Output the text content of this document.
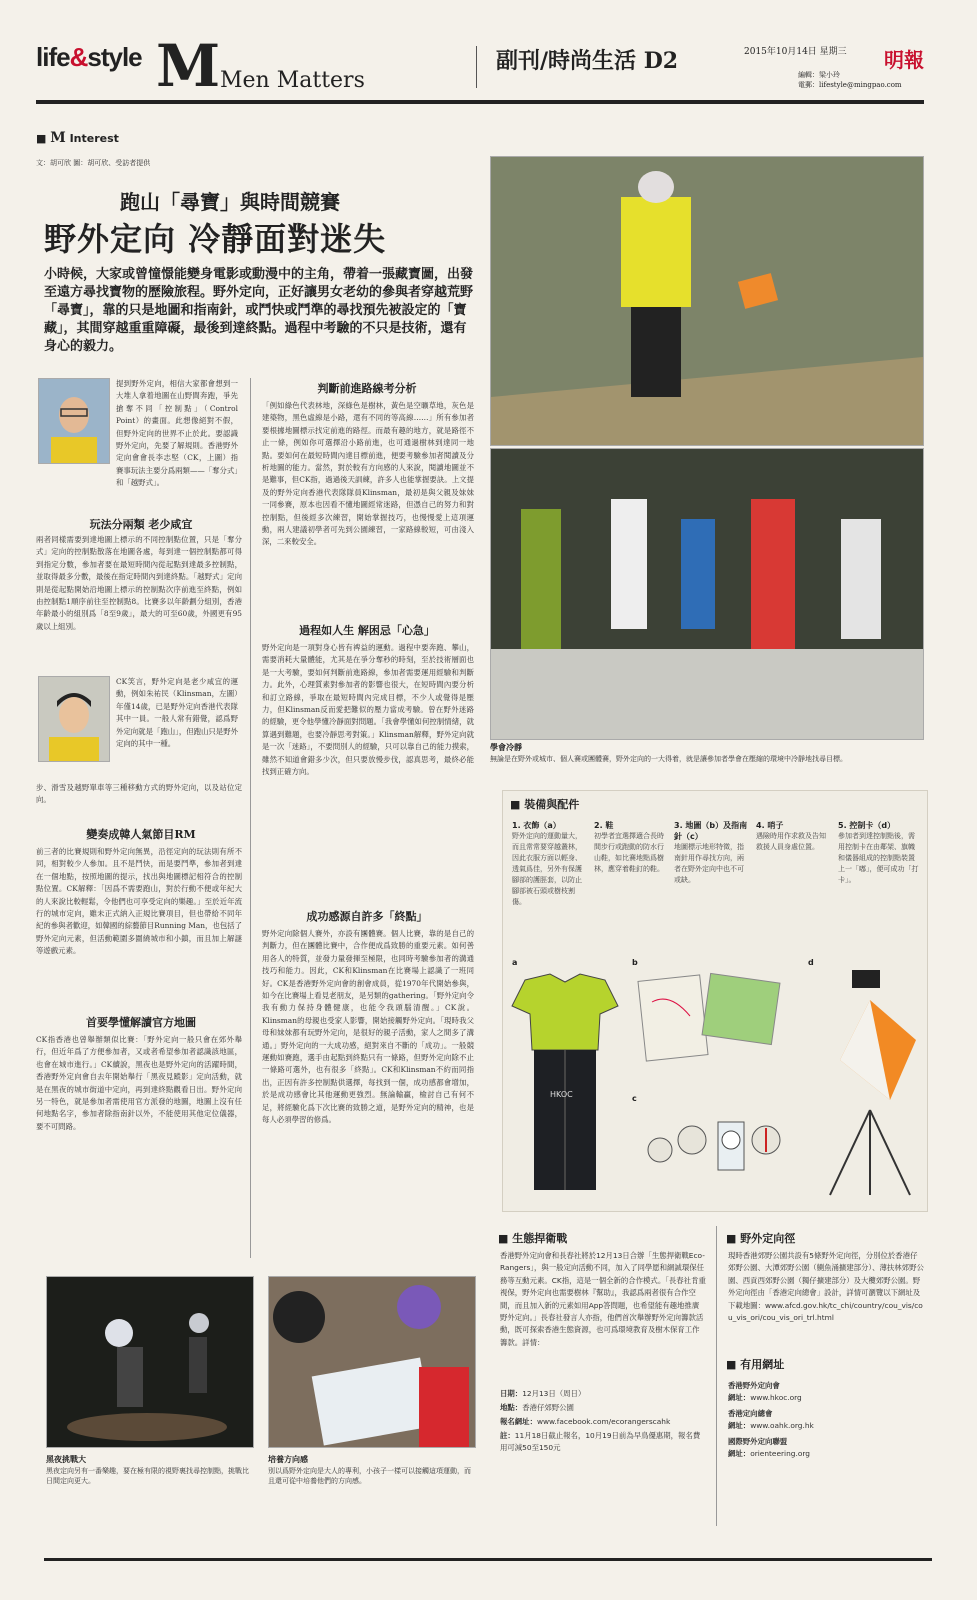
life&style M Men Matters
副刊/時尚生活 D2	2015年10月14日 星期三
編輯：梁小玲
電郵：lifestyle@mingpao.com
明報
■ M Interest
文：胡可欣 圖：胡可欣、受訪者提供
跑山「尋寶」與時間競賽
野外定向 冷靜面對迷失
小時候，大家或曾憧憬能變身電影或動漫中的主角，帶着一張藏寶圖，出發至遠方尋找寶物的歷險旅程。野外定向，正好讓男女老幼的參與者穿越荒野「尋寶」，靠的只是地圖和指南針，或鬥快或鬥準的尋找預先被設定的「寶藏」，其間穿越重重障礙，最後到達終點。過程中考驗的不只是技術，還有身心的毅力。
提到野外定向，相信大家都會想到一大堆人拿着地圖在山野間奔跑，爭先搶奪不同「控制點」（Control Point）的畫面。此想像絕對不假，但野外定向的世界不止於此。要認識野外定向，先要了解規則。香港野外定向會會長李志堅（CK，上圖）指賽事玩法主要分爲兩類——「奪分式」和「越野式」。
玩法分兩類 老少咸宜
兩者同樣需要到達地圖上標示的不同控制點位置，只是「奪分式」定向的控制點散落在地圖各處，每到達一個控制點都可得到指定分數，參加者要在最短時間內從起點到達最多控制點，並取得最多分數，最後在指定時間內到達終點。「越野式」定向則是從起點開始沿地圖上標示的控制點次序前進至終點，例如由控制點1順序前往至控制點8。比賽多以年齡劃分組別，香港年齡最小的組別爲「8至9歲」，最大的可至60歲，外國更有95歲以上組別。
CK笑言，野外定向是老少咸宜的運動，例如朱祐民（Klinsman，左圖）年僅14歲，已是野外定向香港代表隊其中一員。一般人常有錯覺，認爲野外定向就是「跑山」，但跑山只是野外定向的其中一種。
步、滑雪及越野單車等三種移動方式的野外定向，以及站位定向。
變奏成韓人氣節目RM
前三者的比賽規則和野外定向無異，沿徑定向的玩法則有所不同，相對較少人參加。且不是鬥快，而是要鬥準，參加者到達在一個地點，按照地圖的提示，找出與地圖標記相符合的控制點位置。CK解釋：「因爲不需要跑山，對於行動不便或年紀大的人來說比較輕鬆，令他們也可享受定向的樂趣。」至於近年流行的城市定向，雖未正式納入正規比賽項目，但也帶給不同年紀的參與者歡迎，如韓國的綜藝節目Running Man，也包括了野外定向元素，但活動範圍多圍繞城市和小鎮，而且加上解謎等遊戲元素。
首要學懂解讀官方地圖
CK指香港也曾舉辦類似比賽：「野外定向一般只會在郊外舉行，但近年爲了方便參加者，又或者希望參加者認識該地區，也會在城市進行。」CK續說，黑夜也是野外定向的活躍時間，香港野外定向會自去年開始舉行「黑夜見蹤影」定向活動，就是在黑夜的城市街道中定向，再到達終點觀看日出。野外定向另一特色，就是參加者需使用官方派發的地圖，地圖上沒有任何地點名字，參加者除指南針以外，不能使用其他定位儀器，要不可問路。
判斷前進路線考分析
「例如綠色代表林地，深綠色是樹林，黃色是空曠草地，灰色是建築物，黑色虛線是小路，還有不同的等高線……」所有參加者要根據地圖標示找定前進的路徑。而最有趣的地方，就是路徑不止一條，例如你可選擇沿小路前進，也可通過樹林到達同一地點。要如何在最短時間內達目標前進，便要考驗參加者閱讀及分析地圖的能力。當然，對於較有方向感的人來說，閱讀地圖並不是難事，但CK指，過過後天訓練，許多人也能掌握要訣。上文提及的野外定向香港代表隊隊員Klinsman，最初是與父親及妹妹一同參賽，原本也因看不懂地圖經常迷路，但憑自己的努力和對控制點，但後經多次練習，開始掌握技巧，也慢慢愛上這項運動，兩人建議初學者可先到公園練習，一家路線較短，可由淺入深，二來較安全。
過程如人生 解困忌「心急」
野外定向是一項對身心皆有裨益的運動。過程中要奔跑、攀山，需要消耗大量體能，尤其是在爭分奪秒的時刻，至於技術層面也是一大考驗，要如何判斷前進路線，參加者需要運用經驗和判斷力。此外，心理質素對參加者的影響也很大，在短時間內要分析和訂立路線，爭取在最短時間內完成目標，不少人或覺得是壓力，但Klinsman反而愛把難似的壓力當成考驗。曾在野外迷路的經驗，更令他學懂冷靜面對問題。「我會學懂如何控制情緒，就算遇到難題，也要冷靜思考對策。」Klinsman解釋，野外定向就是一次「迷路」，不要問別人的經驗，只可以靠自己的能力摸索，雖然不知道會錯多少次，但只要放慢步伐，認真思考，最終必能找到正確方向。
成功感源自許多「終點」
野外定向除個人賽外，亦設有團體賽。個人比賽，靠的是自己的判斷力，但在團體比賽中，合作便成爲致勝的重要元素。如何善用各人的特質，並發力量發揮至極限，也同時考驗參加者的溝通技巧和能力。因此，CK和Klinsman在比賽場上認識了一班同好。CK是香港野外定向會的創會成員，從1970年代開始參與，如今在比賽場上看見老朋友，是另類的gathering。「野外定向令我有動力保持身體健康，也能令我頭腦清醒。」CK說。Klinsman的母親也受家人影響，開始接觸野外定向。「現時我父母和妹妹都有玩野外定向，是很好的親子活動，家人之間多了溝通。」野外定向的一大成功感，絕對來自不斷的「成功」。一般競運動如賽跑，選手由起點到終點只有一條路，但野外定向除不止一條路可選外，也有很多「終點」。CK和Klinsman不約而同指出，正因有許多控制點供選擇，每找到一個，成功感都會增加，於是成功感會比其他運動更強烈。無論輸贏，檢討自己有何不足，將經驗化爲下次比賽的致勝之道，是野外定向的精神，也是每人必須學習的修爲。
黑夜挑戰大
黑夜定向另有一番樂趣，要在極有限的視野裏找尋控制點，挑戰比日間定向更大。
培養方向感
別以爲野外定向是大人的專利，小孩子一樣可以接觸這項運動，而且還可從中培養他們的方向感。
學會冷靜
無論是在野外或城市、個人賽或團體賽，野外定向的一大得着，就是讓參加者學會在壓縮的環境中冷靜地找尋目標。
■ 裝備與配件
1. 衣飾（a）
野外定向的運動量大，而且常常要穿越叢林，因此衣服方面以輕身、透氣爲佳，另外有保護腳部的護脛套，以防止腳部被石頭或樹枝割傷。
2. 鞋
初學者宜選擇適合長時間步行或跑動的防水行山鞋，如比賽地點爲樹林，應穿着鞋釘的鞋。
3. 地圖（b）及指南針（c）
地圖標示地形特徵，指南針用作尋找方向，兩者在野外定向中也不可或缺。
4. 哨子
遇險時用作求救及告知救援人員身處位置。
5. 控制卡（d）
參加者到達控制點後，需用控制卡在由鄰架、旗幟和儀器組成的控制點裝置上一「嘟」，便可成功「打卡」。
a	b
c
d
HKOC
■ 生態捍衛戰
香港野外定向會和長春社將於12月13日合辦「生態捍衛戰Eco-Rangers」，與一般定向活動不同，加入了同學愿和網誠環保任務等互動元素。CK指，這是一個全新的合作模式。「長春社肯重視保，野外定向也需要樹林『幫助』，我認爲兩者很有合作空間，而且加入新的元素如用App答問題，也希望能有趣地推廣野外定向。」長春社發言人亦指，他們首次舉辦野外定向籌款活動，既可探索香港生態資源，也可爲環境教育及樹木保育工作籌款。詳情：
日期：12月13日（周日）
地點：香港仔郊野公園
報名網址：www.facebook.com/ecorangerscahk
註：11月18日截止報名，10月19日前為早鳥優惠期，報名費用可減50至150元
■ 野外定向徑
現時香港郊野公園共設有5條野外定向徑，分別位於香港仔郊野公園、大潭郊野公園（鰂魚涌擴建部分）、薄扶林郊野公園、西貢西郊野公園（獨仔擴建部分）及大欖郊野公園。野外定向徑由「香港定向總會」設計，詳情可瀏覽以下網址及下載地圖：www.afcd.gov.hk/tc_chi/country/cou_vis/cou_vis_ori/cou_vis_ori_trl.html
■ 有用網址
香港野外定向會
網址：www.hkoc.org
香港定向總會
網址：www.oahk.org.hk
國際野外定向聯盟
網址：orienteering.org
